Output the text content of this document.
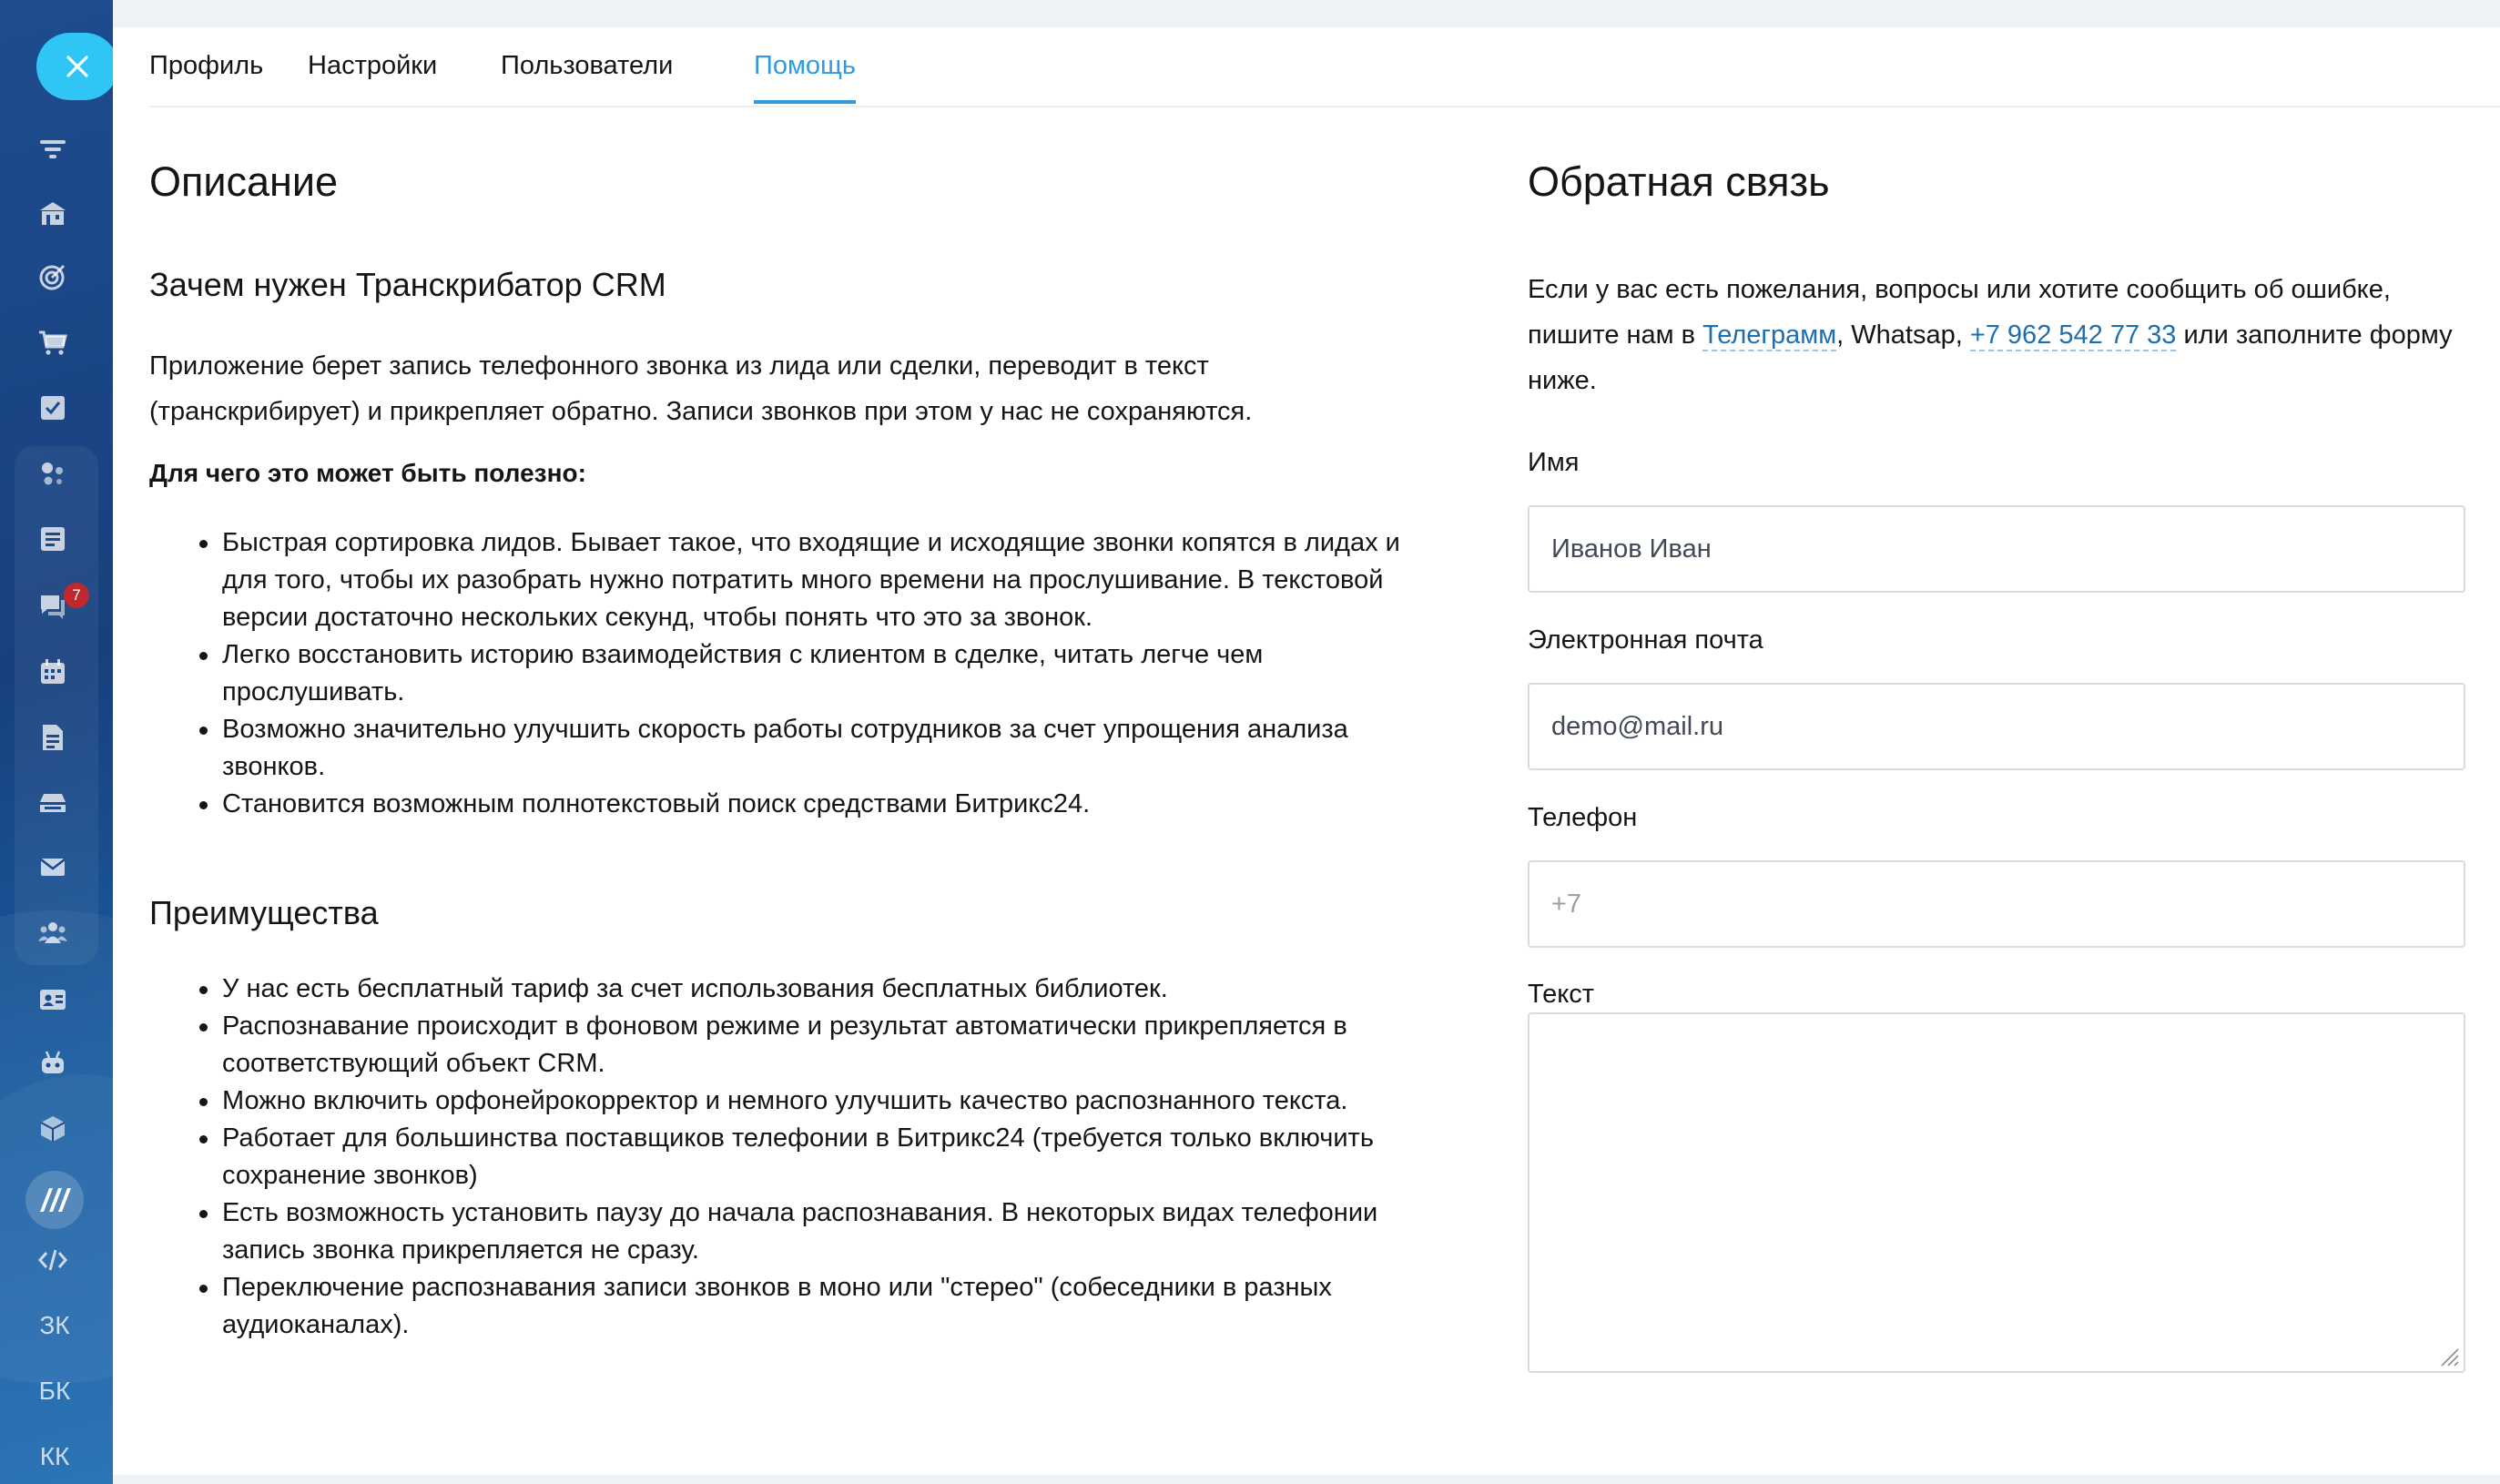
7
ЗК
БК
КК
Профиль Настройки Пользователи	Помощь
Описание
Зачем нужен Транскрибатор CRM
Приложение берет запись телефонного звонка из лида или сделки, переводит в текст (транскрибирует) и прикрепляет обратно. Записи звонков при этом у нас не сохраняются.
Для чего это может быть полезно:
Быстрая сортировка лидов. Бывает такое, что входящие и исходящие звонки копятся в лидах и для того, чтобы их разобрать нужно потратить много времени на прослушивание. В текстовой версии достаточно нескольких секунд, чтобы понять что это за звонок.
Легко восстановить историю взаимодействия с клиентом в сделке, читать легче чем прослушивать.
Возможно значительно улучшить скорость работы сотрудников за счет упрощения анализа звонков.
Становится возможным полнотекстовый поиск средствами Битрикс24.
Преимущества
У нас есть бесплатный тариф за счет использования бесплатных библиотек.
Распознавание происходит в фоновом режиме и результат автоматически прикрепляется в соответствующий объект CRM.
Можно включить орфонейрокорректор и немного улучшить качество распознанного текста.
Работает для большинства поставщиков телефонии в Битрикс24 (требуется только включить сохранение звонков)
Есть возможность установить паузу до начала распознавания. В некоторых видах телефонии запись звонка прикрепляется не сразу.
Переключение распознавания записи звонков в моно или "стерео" (собеседники в разных аудиоканалах).
Обратная связь
Если у вас есть пожелания, вопросы или хотите сообщить об ошибке, пишите нам в Телеграмм, Whatsap, +7 962 542 77 33 или заполните форму ниже.
Имя
Иванов Иван
Электронная почта
demo@mail.ru
Телефон
+7
Текст
